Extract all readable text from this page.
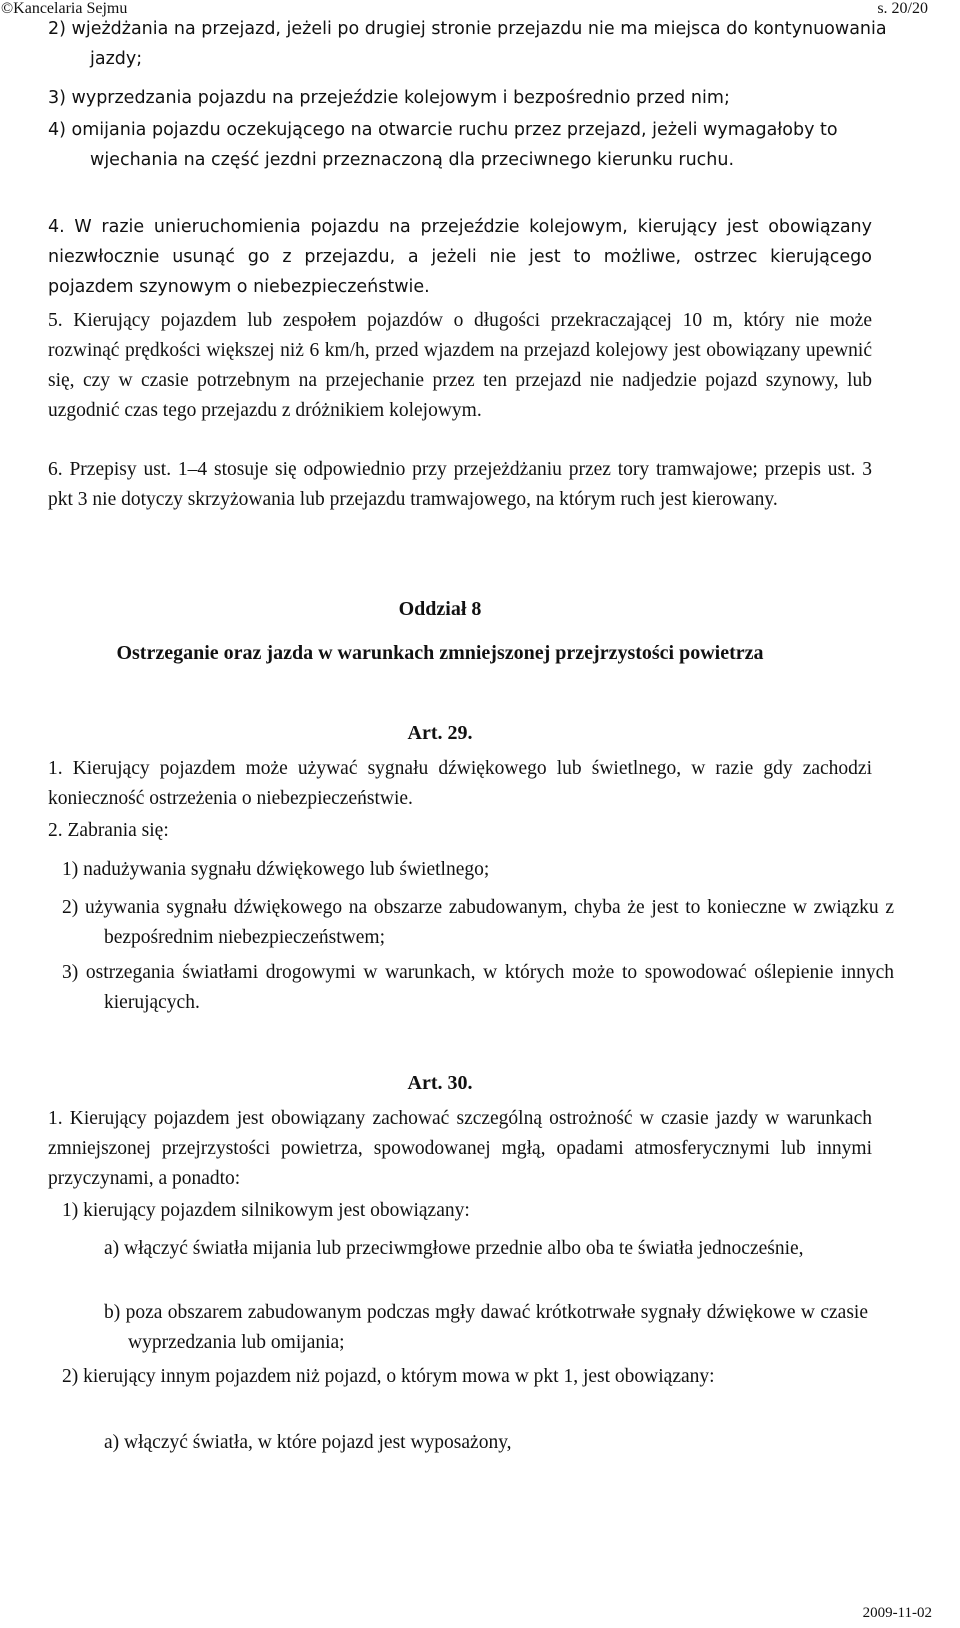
©Kancelaria Sejmu	s. 20/20

2) wjeżdżania na przejazd, jeżeli po drugiej stronie przejazdu nie ma miejsca do kontynuowania jazdy;

3) wyprzedzania pojazdu na przejeździe kolejowym i bezpośrednio przed nim;

4) omijania pojazdu oczekującego na otwarcie ruchu przez przejazd, jeżeli wymagałoby to wjechania na część jezdni przeznaczoną dla przeciwnego kierunku ruchu.

4. W razie unieruchomienia pojazdu na przejeździe kolejowym, kierujący jest obowiązany niezwłocznie usunąć go z przejazdu, a jeżeli nie jest to możliwe, ostrzec kierującego pojazdem szynowym o niebezpieczeństwie.

5. Kierujący pojazdem lub zespołem pojazdów o długości przekraczającej 10 m, który nie może rozwinąć prędkości większej niż 6 km/h, przed wjazdem na przejazd kolejowy jest obowiązany upewnić się, czy w czasie potrzebnym na przejechanie przez ten przejazd nie nadjedzie pojazd szynowy, lub uzgodnić czas tego przejazdu z dróżnikiem kolejowym.

6. Przepisy ust. 1–4 stosuje się odpowiednio przy przejeżdżaniu przez tory tramwajowe; przepis ust. 3 pkt 3 nie dotyczy skrzyżowania lub przejazdu tramwajowego, na którym ruch jest kierowany.

Oddział 8
Ostrzeganie oraz jazda w warunkach zmniejszonej przejrzystości powietrza
Art. 29.

1. Kierujący pojazdem może używać sygnału dźwiękowego lub świetlnego, w razie gdy zachodzi konieczność ostrzeżenia o niebezpieczeństwie.

2. Zabrania się:

1) nadużywania sygnału dźwiękowego lub świetlnego;

2) używania sygnału dźwiękowego na obszarze zabudowanym, chyba że jest to konieczne w związku z bezpośrednim niebezpieczeństwem;

3) ostrzegania światłami drogowymi w warunkach, w których może to spowodować oślepienie innych kierujących.

Art. 30.

1. Kierujący pojazdem jest obowiązany zachować szczególną ostrożność w czasie jazdy w warunkach zmniejszonej przejrzystości powietrza, spowodowanej mgłą, opadami atmosferycznymi lub innymi przyczynami, a ponadto:

1) kierujący pojazdem silnikowym jest obowiązany:

a) włączyć światła mijania lub przeciwmgłowe przednie albo oba te światła jednocześnie,

b) poza obszarem zabudowanym podczas mgły dawać krótkotrwałe sygnały dźwiękowe w czasie wyprzedzania lub omijania;

2) kierujący innym pojazdem niż pojazd, o którym mowa w pkt 1, jest obowiązany:

a) włączyć światła, w które pojazd jest wyposażony,

2009-11-02
